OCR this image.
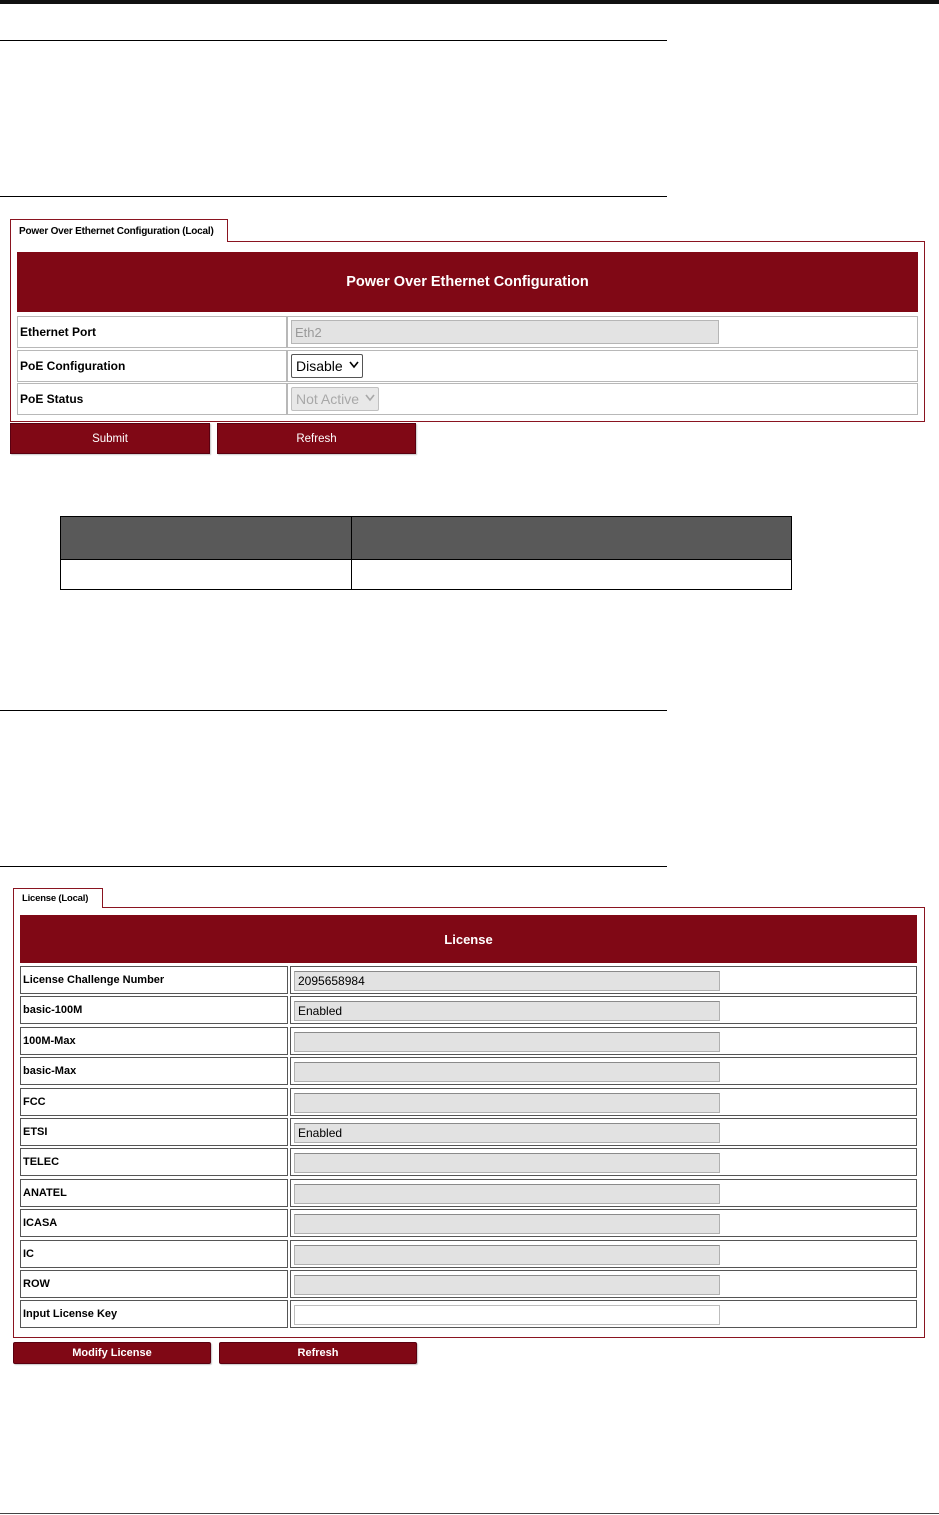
Power Over Ethernet Configuration (Local)
Power Over Ethernet Configuration
Ethernet Port	Eth2
PoE Configuration	Disable
PoE Status	Not Active
Submit	Refresh

License (Local)
License
License Challenge Number	2095658984
basic-100M	Enabled
100M-Max
basic-Max
FCC
ETSI	Enabled
TELEC
ANATEL
ICASA
IC
ROW
Input License Key
Modify License	Refresh
